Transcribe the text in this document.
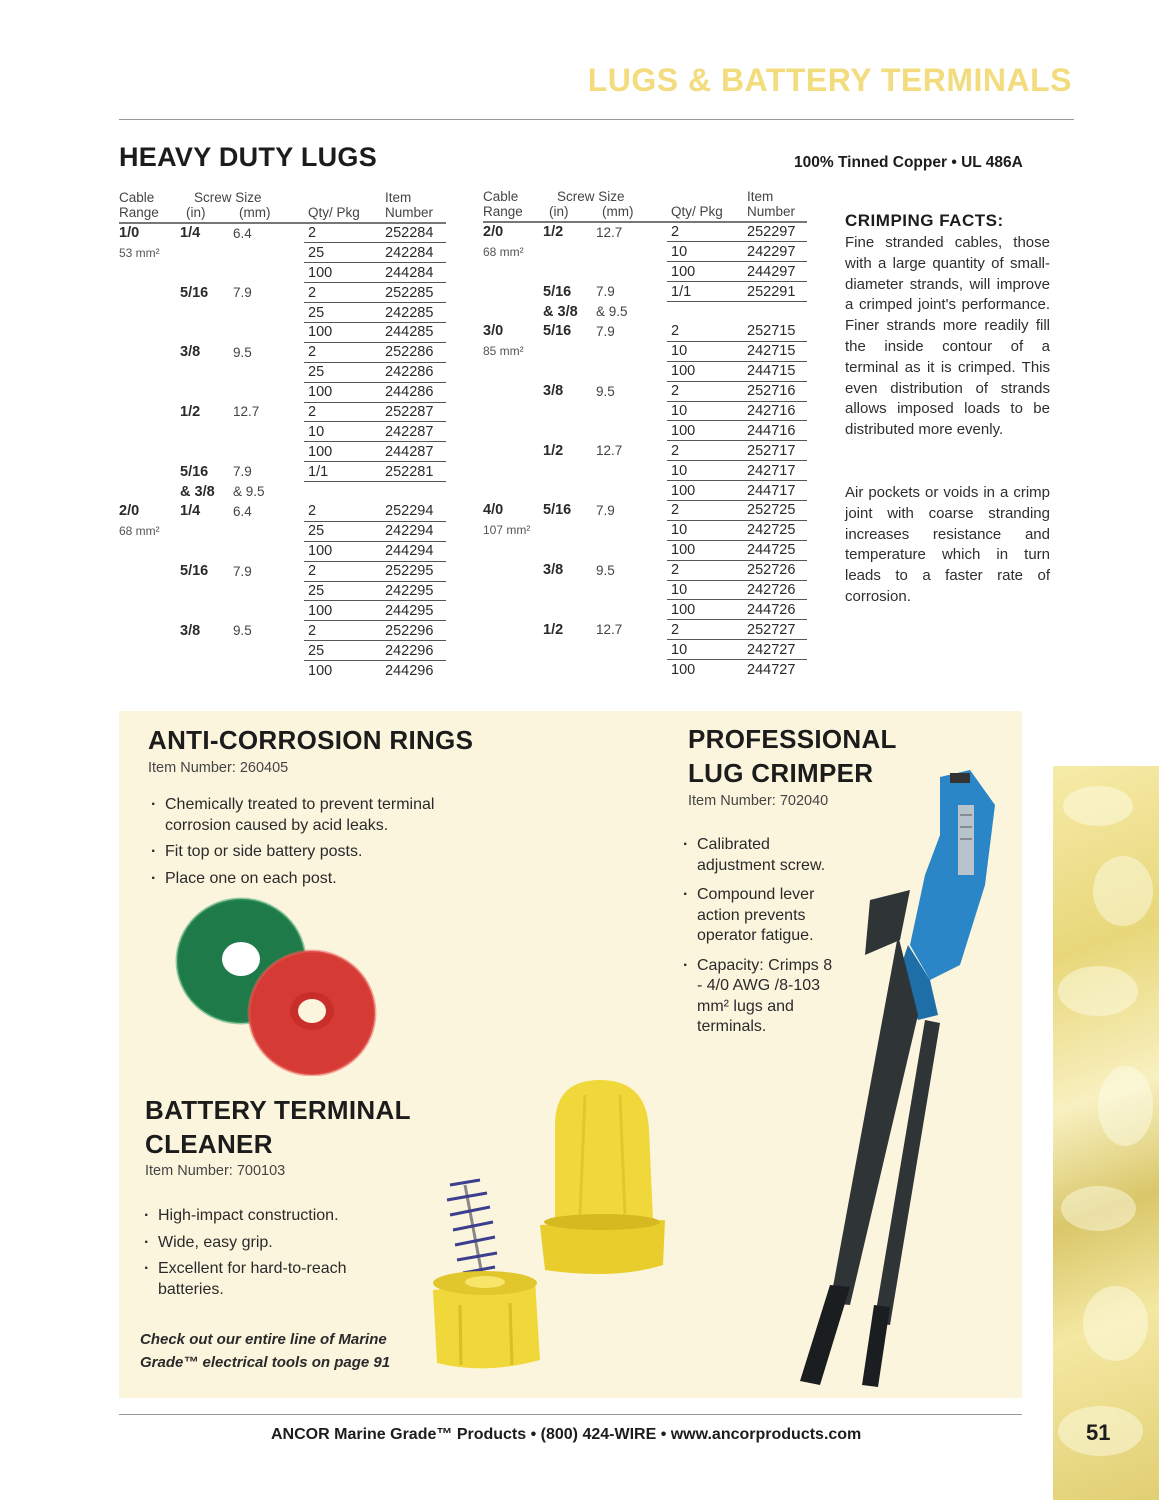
LUGS & BATTERY TERMINALS
HEAVY DUTY LUGS	100% Tinned Copper • UL 486A
Cable Range	Screw Size
(in) (mm)		Qty/ Pkg	Item Number
1/0	1/4	6.4	2	252284

53 mm²			25	242284
			100	244284
	5/16	7.9	2	252285
			25	242285
			100	244285
	3/8	9.5	2	252286
			25	242286
			100	244286
	1/2	12.7	2	252287
			10	242287
			100	244287
	5/16	7.9	1/1	252281
	& 3/8	& 9.5		
2/0	1/4	6.4	2	252294

68 mm²			25	242294
			100	244294
	5/16	7.9	2	252295
			25	242295
			100	244295
	3/8	9.5	2	252296
			25	242296
			100	244296
Cable Range	Screw Size
(in) (mm)		Qty/ Pkg	Item Number
2/0	1/2	12.7	2	252297

68 mm²			10	242297
			100	244297
	5/16	7.9	1/1	252291
	& 3/8	& 9.5		
3/0	5/16	7.9	2	252715

85 mm²			10	242715
			100	244715
	3/8	9.5	2	252716
			10	242716
			100	244716
	1/2	12.7	2	252717
			10	242717
			100	244717
4/0	5/16	7.9	2	252725

107 mm²			10	242725
			100	244725
	3/8	9.5	2	252726
			10	242726
			100	244726
	1/2	12.7	2	252727
			10	242727
			100	244727
CRIMPING FACTS:

Fine stranded cables, those with a large quantity of small-diameter strands, will improve a crimped joint's performance. Finer strands more readily fill the inside contour of a terminal as it is crimped. This even distribution of strands allows imposed loads to be distributed more evenly.

Air pockets or voids in a crimp joint with coarse stranding increases resistance and temperature which in turn leads to a faster rate of corrosion.

ANTI-CORROSION RINGS
Item Number: 260405
· Chemically treated to prevent terminal corrosion caused by acid leaks.
· Fit top or side battery posts.
· Place one on each post.
PROFESSIONAL
LUG CRIMPER
Item Number: 702040
· Calibrated adjustment screw.
· Compound lever action prevents operator fatigue.
· Capacity: Crimps 8 - 4/0 AWG /8-103 mm² lugs and terminals.
BATTERY TERMINAL
CLEANER
Item Number: 700103
· High-impact construction.
· Wide, easy grip.
· Excellent for hard-to-reach batteries.
Check out our entire line of Marine
Grade™ electrical tools on page 91
ANCOR Marine Grade™ Products • (800) 424-WIRE • www.ancorproducts.com	51
